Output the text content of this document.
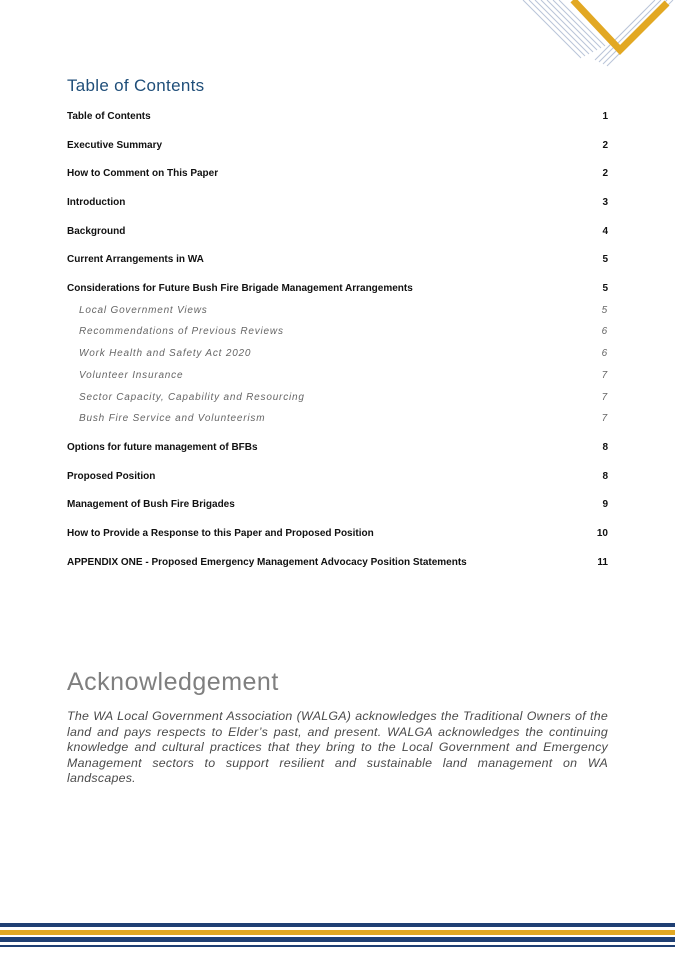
Table of Contents
Table of Contents	1
Executive Summary	2
How to Comment on This Paper	2
Introduction	3
Background	4
Current Arrangements in WA	5
Considerations for Future Bush Fire Brigade Management Arrangements	5
Local Government Views	5
Recommendations of Previous Reviews	6
Work Health and Safety Act 2020	6
Volunteer Insurance	7
Sector Capacity, Capability and Resourcing	7
Bush Fire Service and Volunteerism	7
Options for future management of BFBs	8
Proposed Position	8
Management of Bush Fire Brigades	9
How to Provide a Response to this Paper and Proposed Position	10
APPENDIX ONE - Proposed Emergency Management Advocacy Position Statements	11
Acknowledgement

The WA Local Government Association (WALGA) acknowledges the Traditional Owners of the land and pays respects to Elder’s past, and present. WALGA acknowledges the continuing knowledge and cultural practices that they bring to the Local Government and Emergency Management sectors to support resilient and sustainable land management on WA landscapes.
